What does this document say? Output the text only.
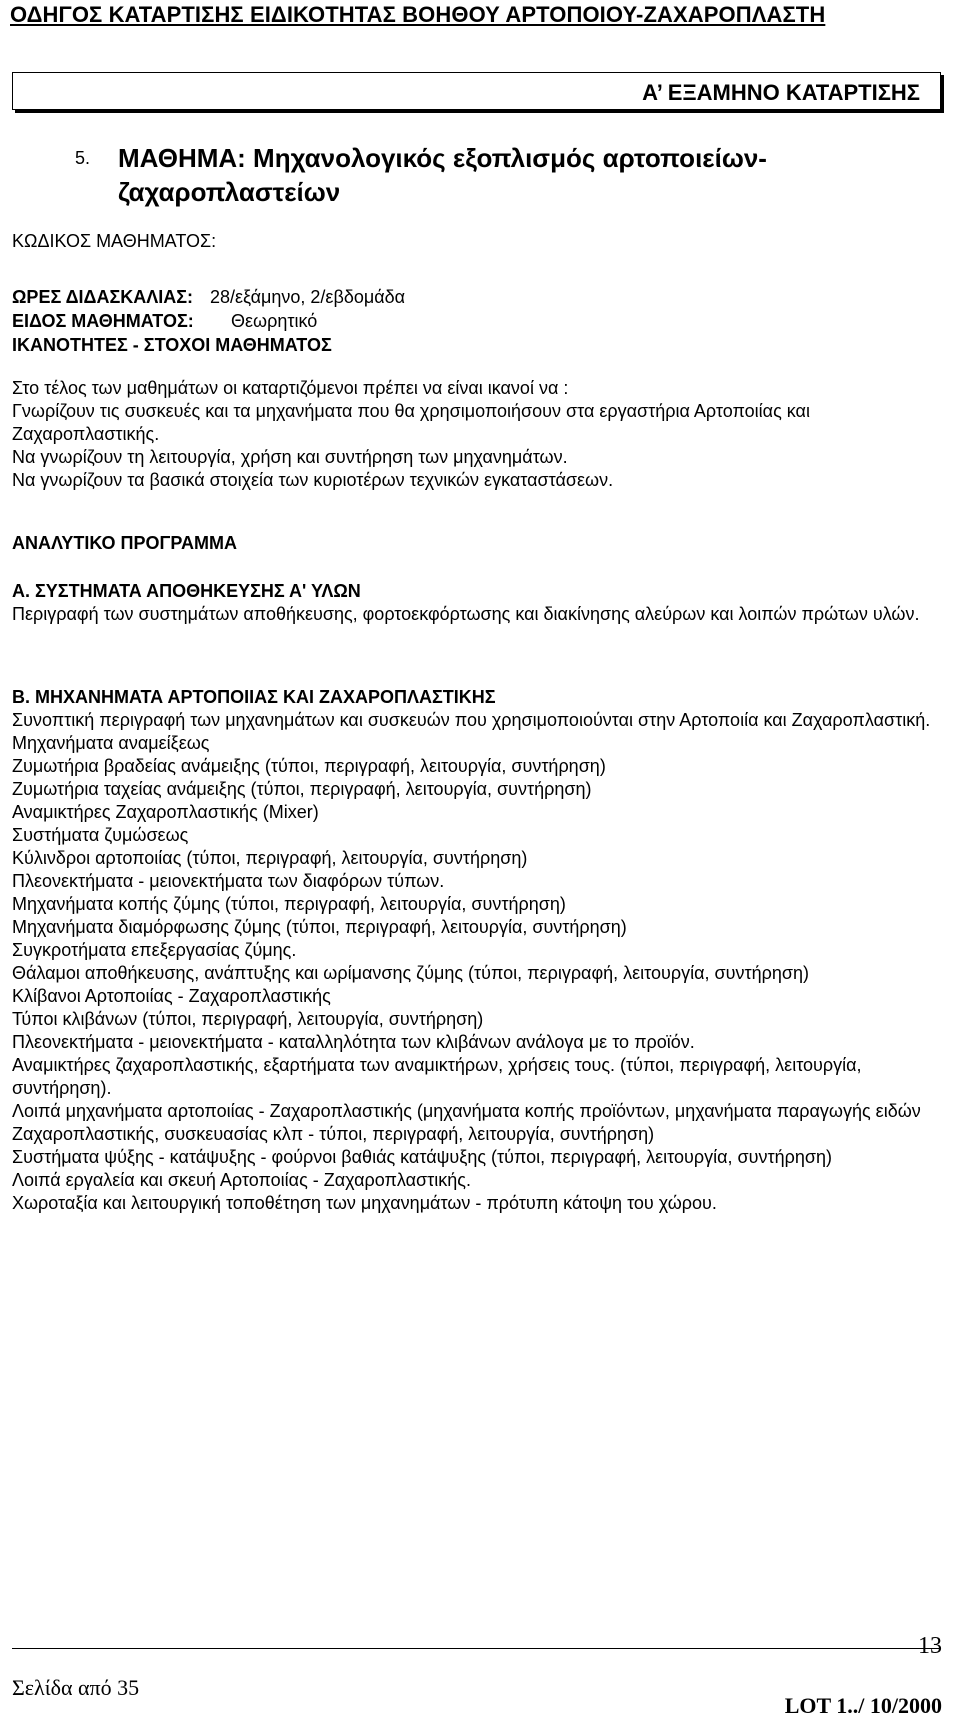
ΟΔΗΓΟΣ ΚΑΤΑΡΤΙΣΗΣ ΕΙΔΙΚΟΤΗΤΑΣ ΒΟΗΘΟΥ ΑΡΤΟΠΟΙΟΥ-ΖΑΧΑΡΟΠΛΑΣΤΗ
Α’ ΕΞΑΜΗΝΟ ΚΑΤΑΡΤΙΣΗΣ
5. ΜΑΘΗΜΑ: Μηχανολογικός εξοπλισμός αρτοποιείων-ζαχαροπλαστείων
ΚΩΔΙΚΟΣ ΜΑΘΗΜΑΤΟΣ:
ΩΡΕΣ ΔΙΔΑΣΚΑΛΙΑΣ: 28/εξάμηνο, 2/εβδομάδα
ΕΙΔΟΣ ΜΑΘΗΜΑΤΟΣ: Θεωρητικό
ΙΚΑΝΟΤΗΤΕΣ - ΣΤΟΧΟΙ ΜΑΘΗΜΑΤΟΣ

Στο τέλος των μαθημάτων οι καταρτιζόμενοι πρέπει να είναι ικανοί να :

Γνωρίζουν τις συσκευές και τα μηχανήματα που θα χρησιμοποιήσουν στα εργαστήρια Αρτοποιίας και Ζαχαροπλαστικής.

Να γνωρίζουν τη λειτουργία, χρήση και συντήρηση των μηχανημάτων.

Να γνωρίζουν τα βασικά στοιχεία των κυριοτέρων τεχνικών εγκαταστάσεων.

ΑΝΑΛΥΤΙΚΟ ΠΡΟΓΡΑΜΜΑ

Α. ΣΥΣΤΗΜΑΤΑ ΑΠΟΘΗΚΕΥΣΗΣ Α' ΥΛΩΝ

Περιγραφή των συστημάτων αποθήκευσης, φορτοεκφόρτωσης και διακίνησης αλεύρων και λοιπών πρώτων υλών.

Β. ΜΗΧΑΝΗΜΑΤΑ ΑΡΤΟΠΟΙΙΑΣ ΚΑΙ ΖΑΧΑΡΟΠΛΑΣΤΙΚΗΣ

Συνοπτική περιγραφή των μηχανημάτων και συσκευών που χρησιμοποιούνται στην Αρτοποιία και Ζαχαροπλαστική.

Μηχανήματα αναμείξεως

Ζυμωτήρια βραδείας ανάμειξης (τύποι, περιγραφή, λειτουργία, συντήρηση)

Ζυμωτήρια ταχείας ανάμειξης (τύποι, περιγραφή, λειτουργία, συντήρηση)

Αναμικτήρες Ζαχαροπλαστικής (Mixer)

Συστήματα ζυμώσεως

Κύλινδροι αρτοποιίας (τύποι, περιγραφή, λειτουργία, συντήρηση)

Πλεονεκτήματα - μειονεκτήματα των διαφόρων τύπων.

Μηχανήματα κοπής ζύμης (τύποι, περιγραφή, λειτουργία, συντήρηση)

Μηχανήματα διαμόρφωσης ζύμης (τύποι, περιγραφή, λειτουργία, συντήρηση)

Συγκροτήματα επεξεργασίας ζύμης.

Θάλαμοι αποθήκευσης, ανάπτυξης και ωρίμανσης ζύμης (τύποι, περιγραφή, λειτουργία, συντήρηση)

Κλίβανοι Αρτοποιίας - Ζαχαροπλαστικής

Τύποι κλιβάνων (τύποι, περιγραφή, λειτουργία, συντήρηση)

Πλεονεκτήματα - μειονεκτήματα - καταλληλότητα των κλιβάνων ανάλογα με το προϊόν.

Αναμικτήρες ζαχαροπλαστικής, εξαρτήματα των αναμικτήρων, χρήσεις τους. (τύποι, περιγραφή, λειτουργία, συντήρηση).

Λοιπά μηχανήματα αρτοποιίας - Ζαχαροπλαστικής (μηχανήματα κοπής προϊόντων, μηχανήματα παραγωγής ειδών Ζαχαροπλαστικής, συσκευασίας κλπ - τύποι, περιγραφή, λειτουργία, συντήρηση)

Συστήματα ψύξης - κατάψυξης - φούρνοι βαθιάς κατάψυξης (τύποι, περιγραφή, λειτουργία, συντήρηση)

Λοιπά εργαλεία και σκευή Αρτοποιίας - Ζαχαροπλαστικής.

Χωροταξία και λειτουργική τοποθέτηση των μηχανημάτων - πρότυπη κάτοψη του χώρου.

13
Σελίδα από 35
LOT 1../ 10/2000
